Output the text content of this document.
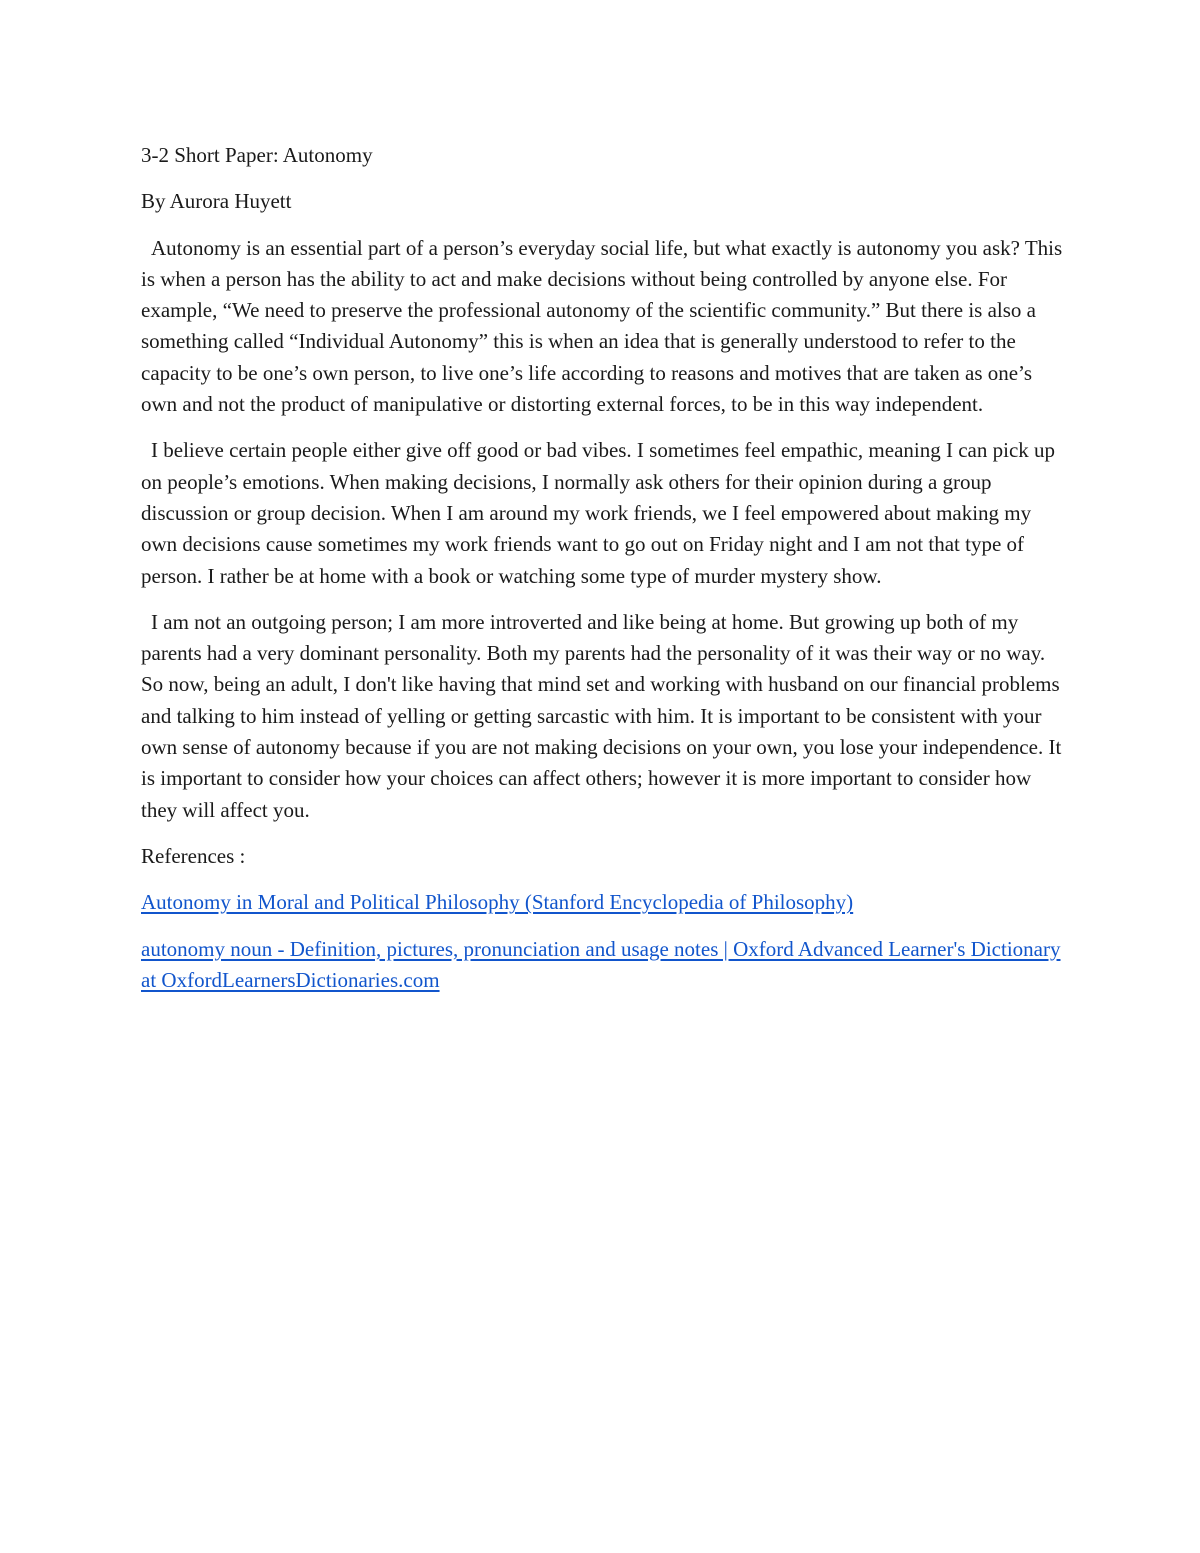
3-2 Short Paper: Autonomy
By Aurora Huyett

Autonomy is an essential part of a person’s everyday social life, but what exactly is autonomy you ask? This is when a person has the ability to act and make decisions without being controlled by anyone else. For example, “We need to preserve the professional autonomy of the scientific community.” But there is also a something called “Individual Autonomy” this is when an idea that is generally understood to refer to the capacity to be one’s own person, to live one’s life according to reasons and motives that are taken as one’s own and not the product of manipulative or distorting external forces, to be in this way independent.

I believe certain people either give off good or bad vibes. I sometimes feel empathic, meaning I can pick up on people’s emotions. When making decisions, I normally ask others for their opinion during a group discussion or group decision. When I am around my work friends, we I feel empowered about making my own decisions cause sometimes my work friends want to go out on Friday night and I am not that type of person. I rather be at home with a book or watching some type of murder mystery show.

I am not an outgoing person; I am more introverted and like being at home. But growing up both of my parents had a very dominant personality. Both my parents had the personality of it was their way or no way. So now, being an adult, I don't like having that mind set and working with husband on our financial problems and talking to him instead of yelling or getting sarcastic with him. It is important to be consistent with your own sense of autonomy because if you are not making decisions on your own, you lose your independence. It is important to consider how your choices can affect others; however it is more important to consider how they will affect you.

References :
Autonomy in Moral and Political Philosophy (Stanford Encyclopedia of Philosophy)
autonomy noun - Definition, pictures, pronunciation and usage notes | Oxford Advanced Learner's Dictionary at OxfordLearnersDictionaries.com
